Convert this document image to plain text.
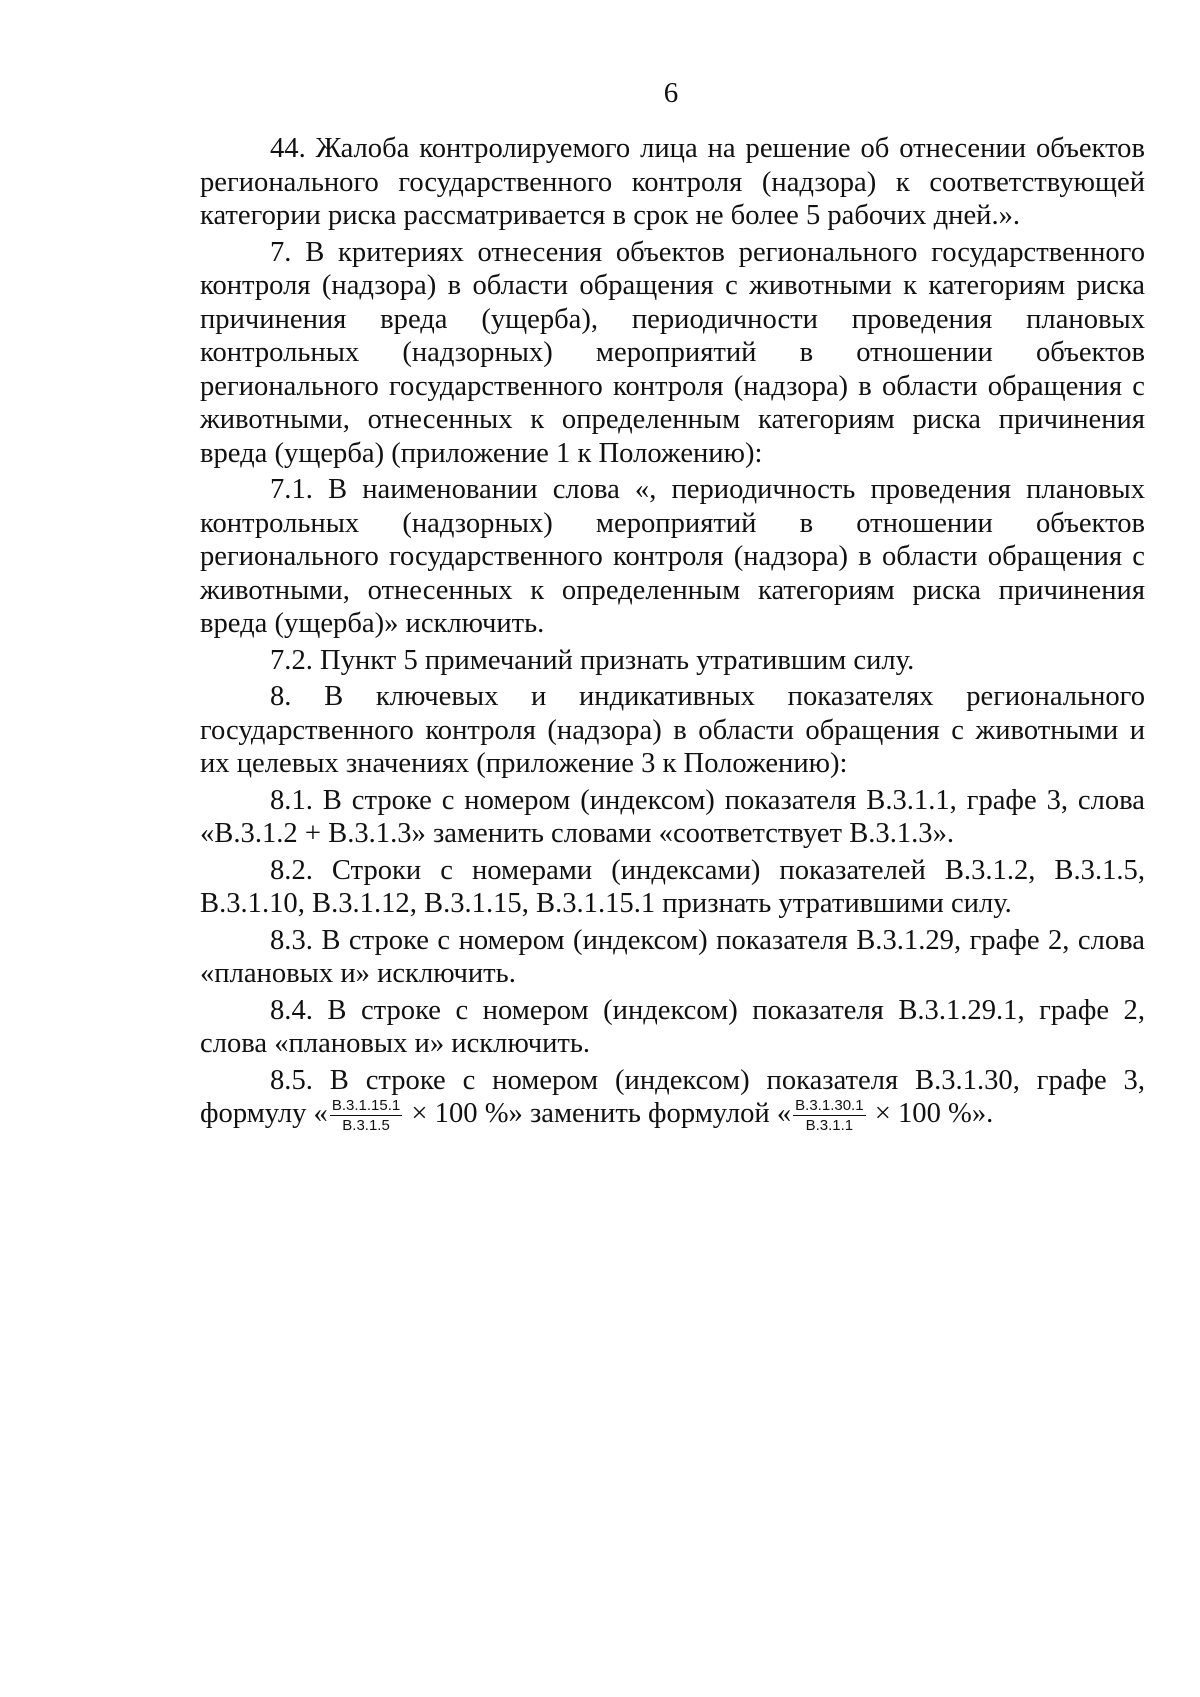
6

44. Жалоба контролируемого лица на решение об отнесении объектов регионального государственного контроля (надзора) к соответствующей категории риска рассматривается в срок не более 5 рабочих дней.».

7. В критериях отнесения объектов регионального государственного контроля (надзора) в области обращения с животными к категориям риска причинения вреда (ущерба), периодичности проведения плановых контрольных (надзорных) мероприятий в отношении объектов регионального государственного контроля (надзора) в области обращения с животными, отнесенных к определенным категориям риска причинения вреда (ущерба) (приложение 1 к Положению):

7.1. В наименовании слова «, периодичность проведения плановых контрольных (надзорных) мероприятий в отношении объектов регионального государственного контроля (надзора) в области обращения с животными, отнесенных к определенным категориям риска причинения вреда (ущерба)» исключить.

7.2. Пункт 5 примечаний признать утратившим силу.

8. В ключевых и индикативных показателях регионального государственного контроля (надзора) в области обращения с животными и их целевых значениях (приложение 3 к Положению):

8.1. В строке с номером (индексом) показателя В.3.1.1, графе 3, слова «В.3.1.2 + В.3.1.3» заменить словами «соответствует В.3.1.3».

8.2. Строки с номерами (индексами) показателей В.3.1.2, В.3.1.5, В.3.1.10, В.3.1.12, В.3.1.15, В.3.1.15.1 признать утратившими силу.

8.3. В строке с номером (индексом) показателя В.3.1.29, графе 2, слова «плановых и» исключить.

8.4. В строке с номером (индексом) показателя В.3.1.29.1, графе 2, слова «плановых и» исключить.

8.5. В строке с номером (индексом) показателя В.3.1.30, графе 3, формулу « $\frac{В.3.1.15.1}{В.3.1.5} \times 100$ %» заменить формулой « $\frac{В.3.1.30.1}{В.3.1.1} \times 100$ %».
